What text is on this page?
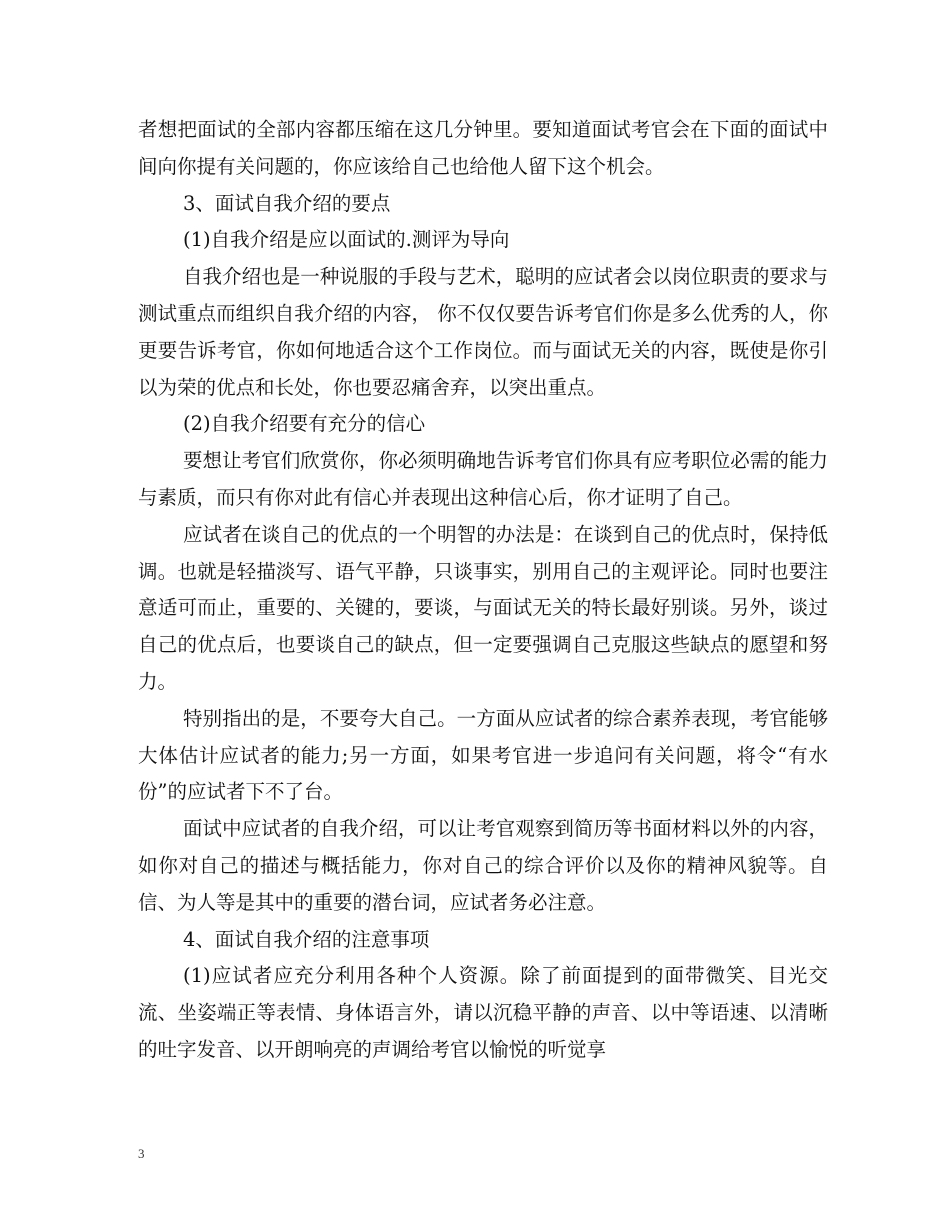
者想把面试的全部内容都压缩在这几分钟里。要知道面试考官会在下面的面试中间向你提有关问题的，你应该给自己也给他人留下这个机会。

3、面试自我介绍的要点

(1)自我介绍是应以面试的.测评为导向

自我介绍也是一种说服的手段与艺术，聪明的应试者会以岗位职责的要求与测试重点而组织自我介绍的内容， 你不仅仅要告诉考官们你是多么优秀的人，你更要告诉考官，你如何地适合这个工作岗位。而与面试无关的内容，既使是你引以为荣的优点和长处，你也要忍痛舍弃，以突出重点。

(2)自我介绍要有充分的信心

要想让考官们欣赏你，你必须明确地告诉考官们你具有应考职位必需的能力与素质，而只有你对此有信心并表现出这种信心后，你才证明了自己。

应试者在谈自己的优点的一个明智的办法是：在谈到自己的优点时，保持低调。也就是轻描淡写、语气平静，只谈事实，别用自己的主观评论。同时也要注意适可而止，重要的、关键的，要谈，与面试无关的特长最好别谈。另外，谈过自己的优点后，也要谈自己的缺点，但一定要强调自己克服这些缺点的愿望和努力。

特别指出的是，不要夸大自己。一方面从应试者的综合素养表现，考官能够大体估计应试者的能力;另一方面，如果考官进一步追问有关问题，将令“有水份”的应试者下不了台。

面试中应试者的自我介绍，可以让考官观察到简历等书面材料以外的内容，如你对自己的描述与概括能力，你对自己的综合评价以及你的精神风貌等。自信、为人等是其中的重要的潜台词，应试者务必注意。

4、面试自我介绍的注意事项

(1)应试者应充分利用各种个人资源。除了前面提到的面带微笑、目光交流、坐姿端正等表情、身体语言外，请以沉稳平静的声音、以中等语速、以清晰的吐字发音、以开朗响亮的声调给考官以愉悦的听觉享

3
